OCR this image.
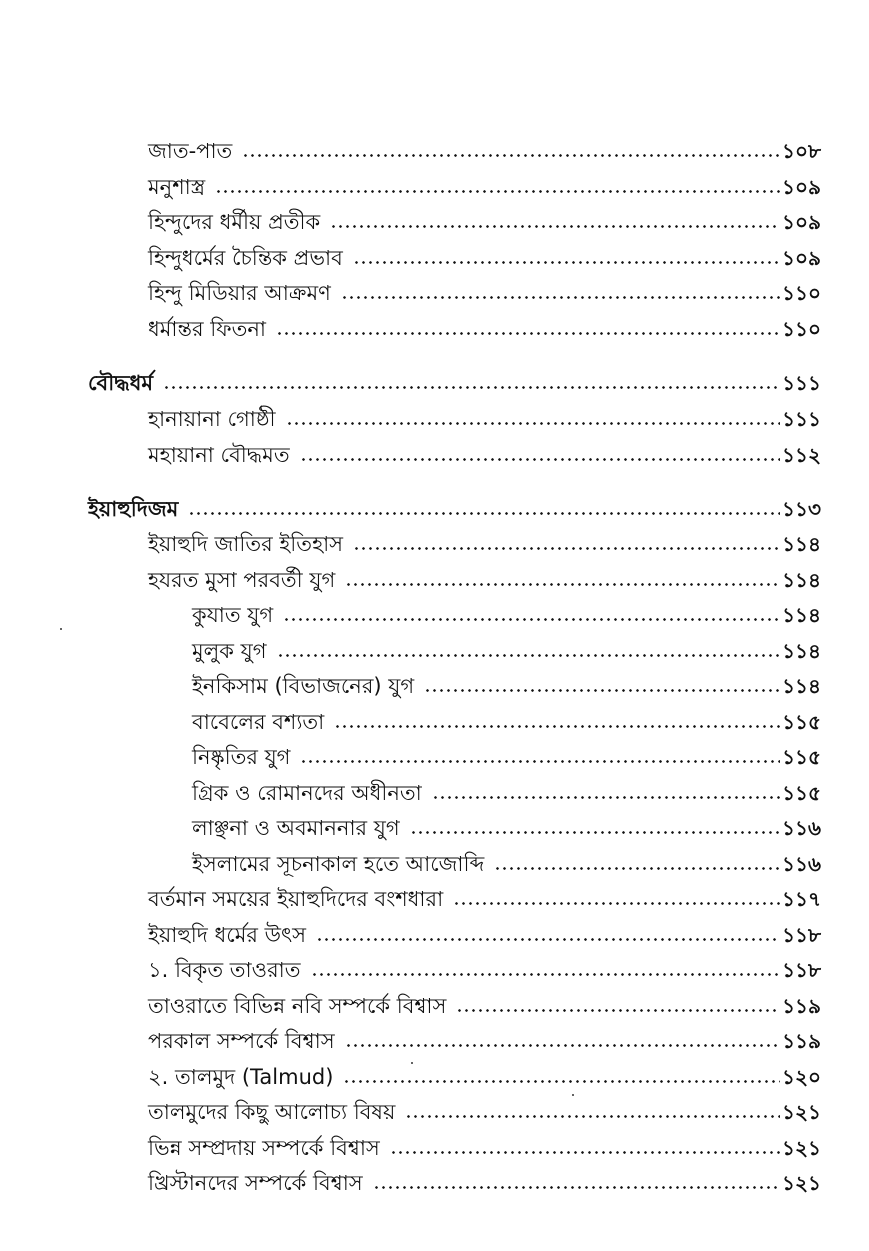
জাত-পাত	১০৮
মনুশাস্ত্র	১০৯
হিন্দুদের ধর্মীয় প্রতীক	১০৯
হিন্দুধর্মের চৈন্তিক প্রভাব	১০৯
হিন্দু মিডিয়ার আক্রমণ	১১০
ধর্মান্তর ফিতনা	১১০
বৌদ্ধধর্ম	১১১
হানায়ানা গোষ্ঠী	১১১
মহায়ানা বৌদ্ধমত	১১২
ইয়াহুদিজম	১১৩
ইয়াহুদি জাতির ইতিহাস	১১৪
হযরত মুসা পরবর্তী যুগ	১১৪
কুযাত যুগ	১১৪
মুলুক যুগ	১১৪
ইনকিসাম (বিভাজনের) যুগ	১১৪
বাবেলের বশ্যতা	১১৫
নিষ্কৃতির যুগ	১১৫
গ্রিক ও রোমানদের অধীনতা	১১৫
লাঞ্ছনা ও অবমাননার যুগ	১১৬
ইসলামের সূচনাকাল হতে আজোব্দি	১১৬
বর্তমান সময়ের ইয়াহুদিদের বংশধারা	১১৭
ইয়াহুদি ধর্মের উৎস	১১৮
১. বিকৃত তাওরাত	১১৮
তাওরাতে বিভিন্ন নবি সম্পর্কে বিশ্বাস	১১৯
পরকাল সম্পর্কে বিশ্বাস	১১৯
২. তালমুদ (Talmud)	১২০
তালমুদের কিছু আলোচ্য বিষয়	১২১
ভিন্ন সম্প্রদায় সম্পর্কে বিশ্বাস	১২১
খ্রিস্টানদের সম্পর্কে বিশ্বাস	১২১
